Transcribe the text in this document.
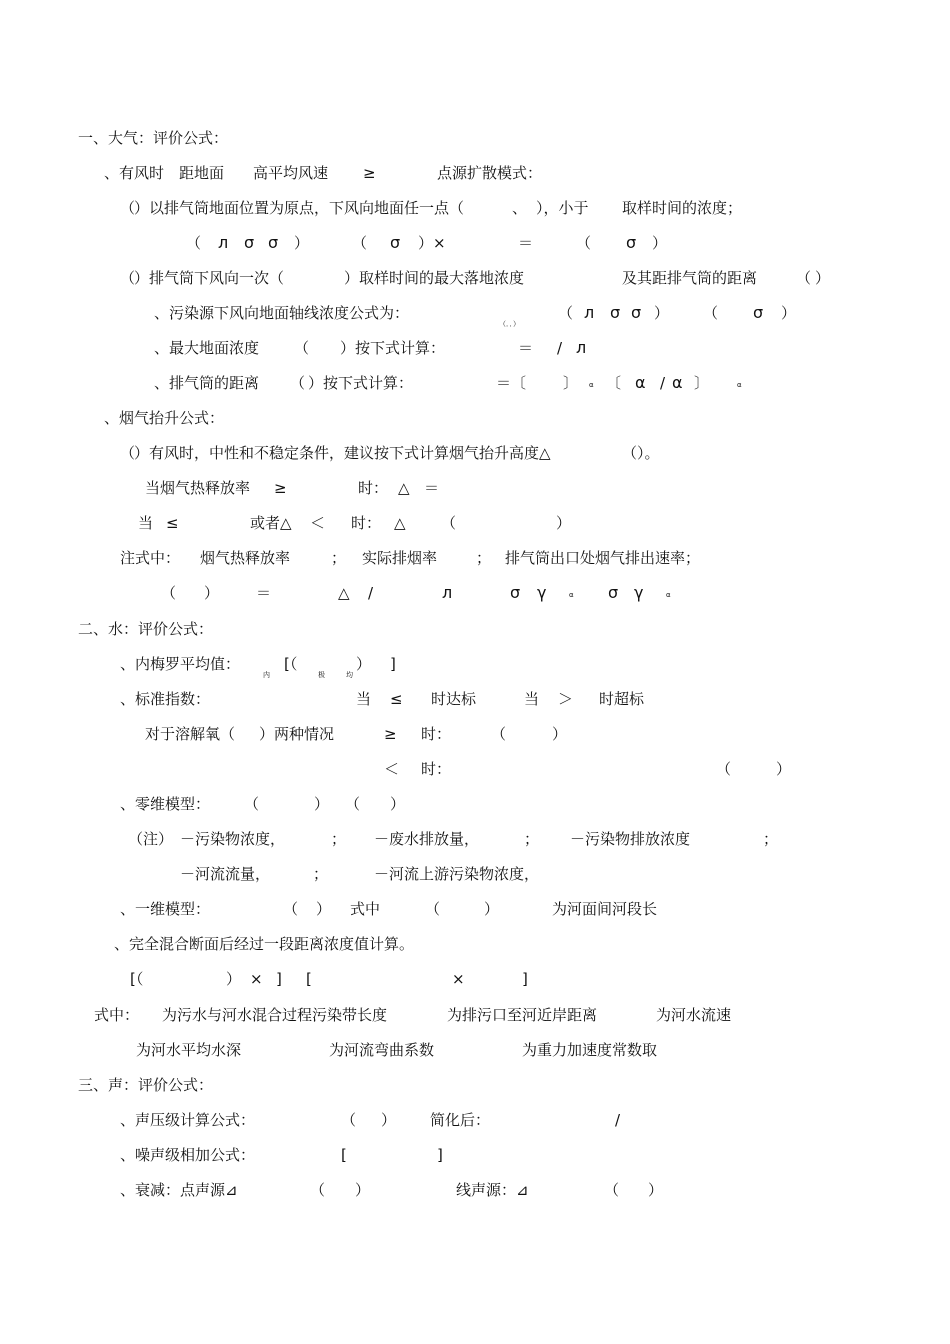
一、大气：评价公式：
、有风时 距地面 高平均风速 ≥	点源扩散模式：
（
）以排气筒地面位置为原点，下风向地面任一点（	、 ），小于 取样时间的浓度；
（ л σ σ ）	（ σ ）×	＝	（ σ ）
（
）排气筒下风向一次（	）取样时间的最大落地浓度	及其距排气筒的距离	（ ）
、污染源下风向地面轴线浓度公式为：
（．．）
（ л σ σ ） （ σ ）
、最大地面浓度 （ ）按下式计算：	＝ / л
、排气筒的距离 （ ）按下式计算：	＝〔 〕 α 〔 α / α 〕	α
、烟气抬升公式：
（
）有风时，中性和不稳定条件，建议按下式计算烟气抬升高度△	（ ）。
当烟气热释放率 ≥	时： △ ＝
当 ≤	或者△ ＜ 时： △ （	）
注式中： 烟气热释放率	； 实际排烟率	； 排气筒出口处烟气排出速率；
（ ） ＝	△ /	л	σ γ	α σ γ	α
二、水：评价公式：
、内梅罗平均值：
内
[（
极	均
） ]
、标准指数：	当 ≤ 时达标	当 ＞ 时超标
对于溶解氧（ ）两种情况	≥ 时：	（	）
＜ 时：	（	）
、零维模型： （	） （ ）
（注） －污染物浓度，	； －废水排放量，	； －污染物排放浓度	；
－河流流量，	；	－河流上游污染物浓度，
、一维模型：	（ ） 式中	（	）	为河面间河段长
、完全混合断面后经过一段距离浓度值计算。
[（	） × ] [	×	]
式中： 为污水与河水混合过程污染带长度	为排污口至河近岸距离	为河水流速
为河水平均水深	为河流弯曲系数	为重力加速度常数取
三、声：评价公式：
、声压级计算公式：	（ ） 简化后：	/
、噪声级相加公式：	[	]
、衰减：点声源⊿	（ ）	线声源：⊿	（ ）
